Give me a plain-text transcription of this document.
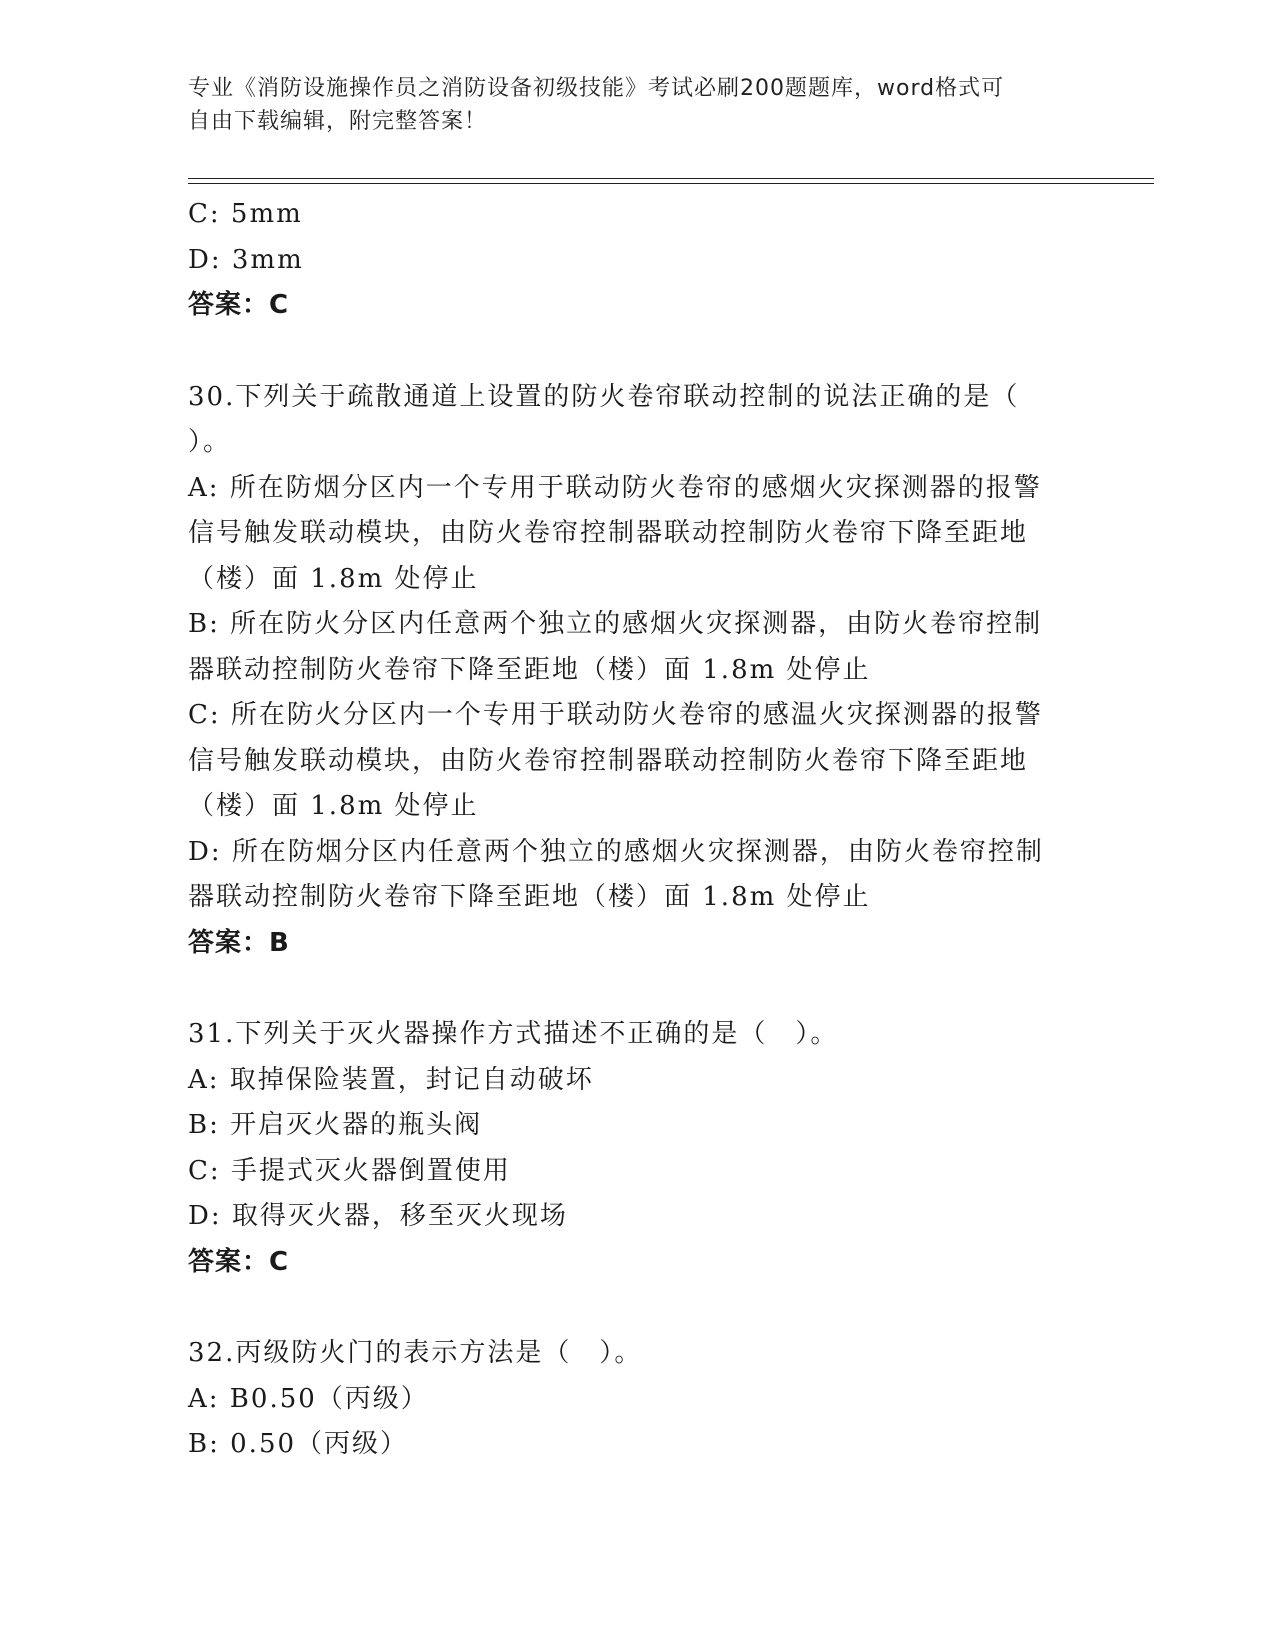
专业《消防设施操作员之消防设备初级技能》考试必刷200题题库，word格式可
自由下载编辑，附完整答案！
C: 5mm
D: 3mm
答案：C
30.下列关于疏散通道上设置的防火卷帘联动控制的说法正确的是（
）。
A: 所在防烟分区内一个专用于联动防火卷帘的感烟火灾探测器的报警
信号触发联动模块，由防火卷帘控制器联动控制防火卷帘下降至距地
（楼）面 1.8m 处停止
B: 所在防火分区内任意两个独立的感烟火灾探测器，由防火卷帘控制
器联动控制防火卷帘下降至距地（楼）面 1.8m 处停止
C: 所在防火分区内一个专用于联动防火卷帘的感温火灾探测器的报警
信号触发联动模块，由防火卷帘控制器联动控制防火卷帘下降至距地
（楼）面 1.8m 处停止
D: 所在防烟分区内任意两个独立的感烟火灾探测器，由防火卷帘控制
器联动控制防火卷帘下降至距地（楼）面 1.8m 处停止
答案：B
31.下列关于灭火器操作方式描述不正确的是（　）。
A: 取掉保险装置，封记自动破坏
B: 开启灭火器的瓶头阀
C: 手提式灭火器倒置使用
D: 取得灭火器，移至灭火现场
答案：C
32.丙级防火门的表示方法是（　）。
A: B0.50（丙级）
B: 0.50（丙级）
